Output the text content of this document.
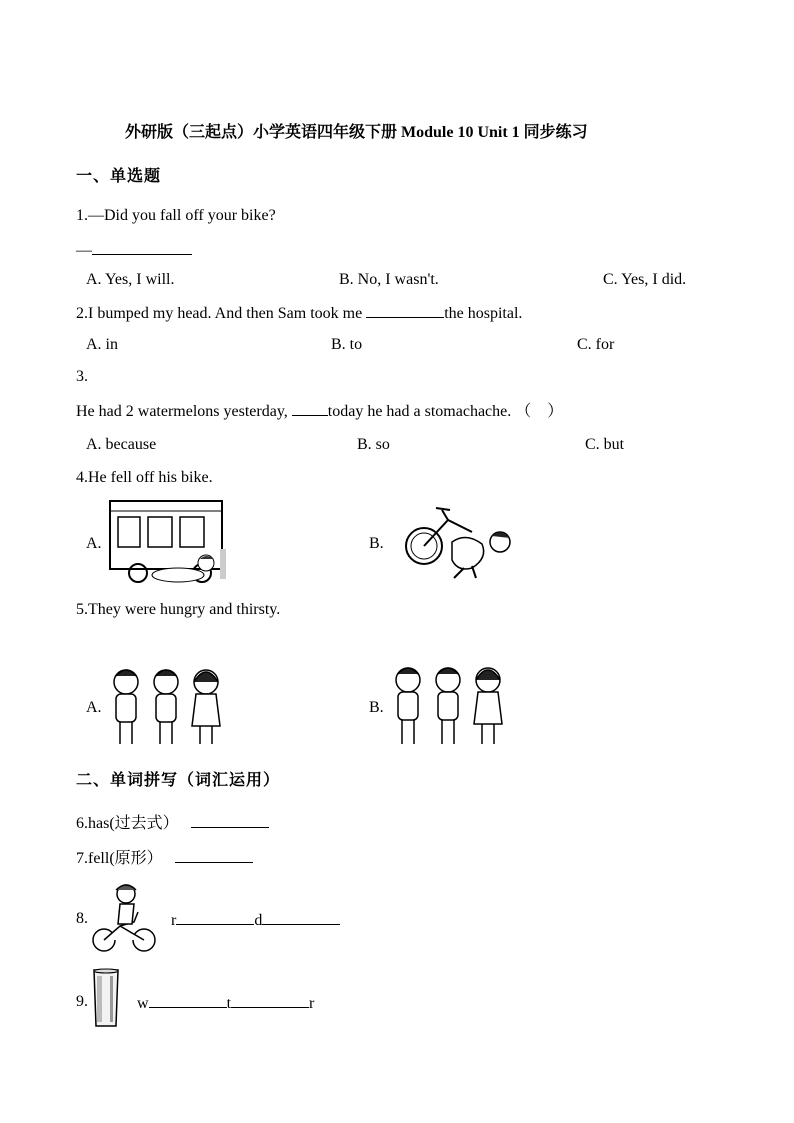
外研版（三起点）小学英语四年级下册 Module 10 Unit 1 同步练习
一、单选题
1.—Did you fall off your bike?
—
A. Yes, I will.	B. No, I wasn't.	C. Yes, I did.
2.I bumped my head. And then Sam took me	the hospital.
A. in	B. to	C. for
3.
He had 2 watermelons yesterday, today he had a stomachache. （　）
A. because	B. so	C. but
4.He fell off his bike.
A.	B.
5.They were hungry and thirsty.
A.	B.
二、单词拼写（词汇运用）
6.has(过去式）
7.fell(原形）
8.	r	d
9.	w	t	r
